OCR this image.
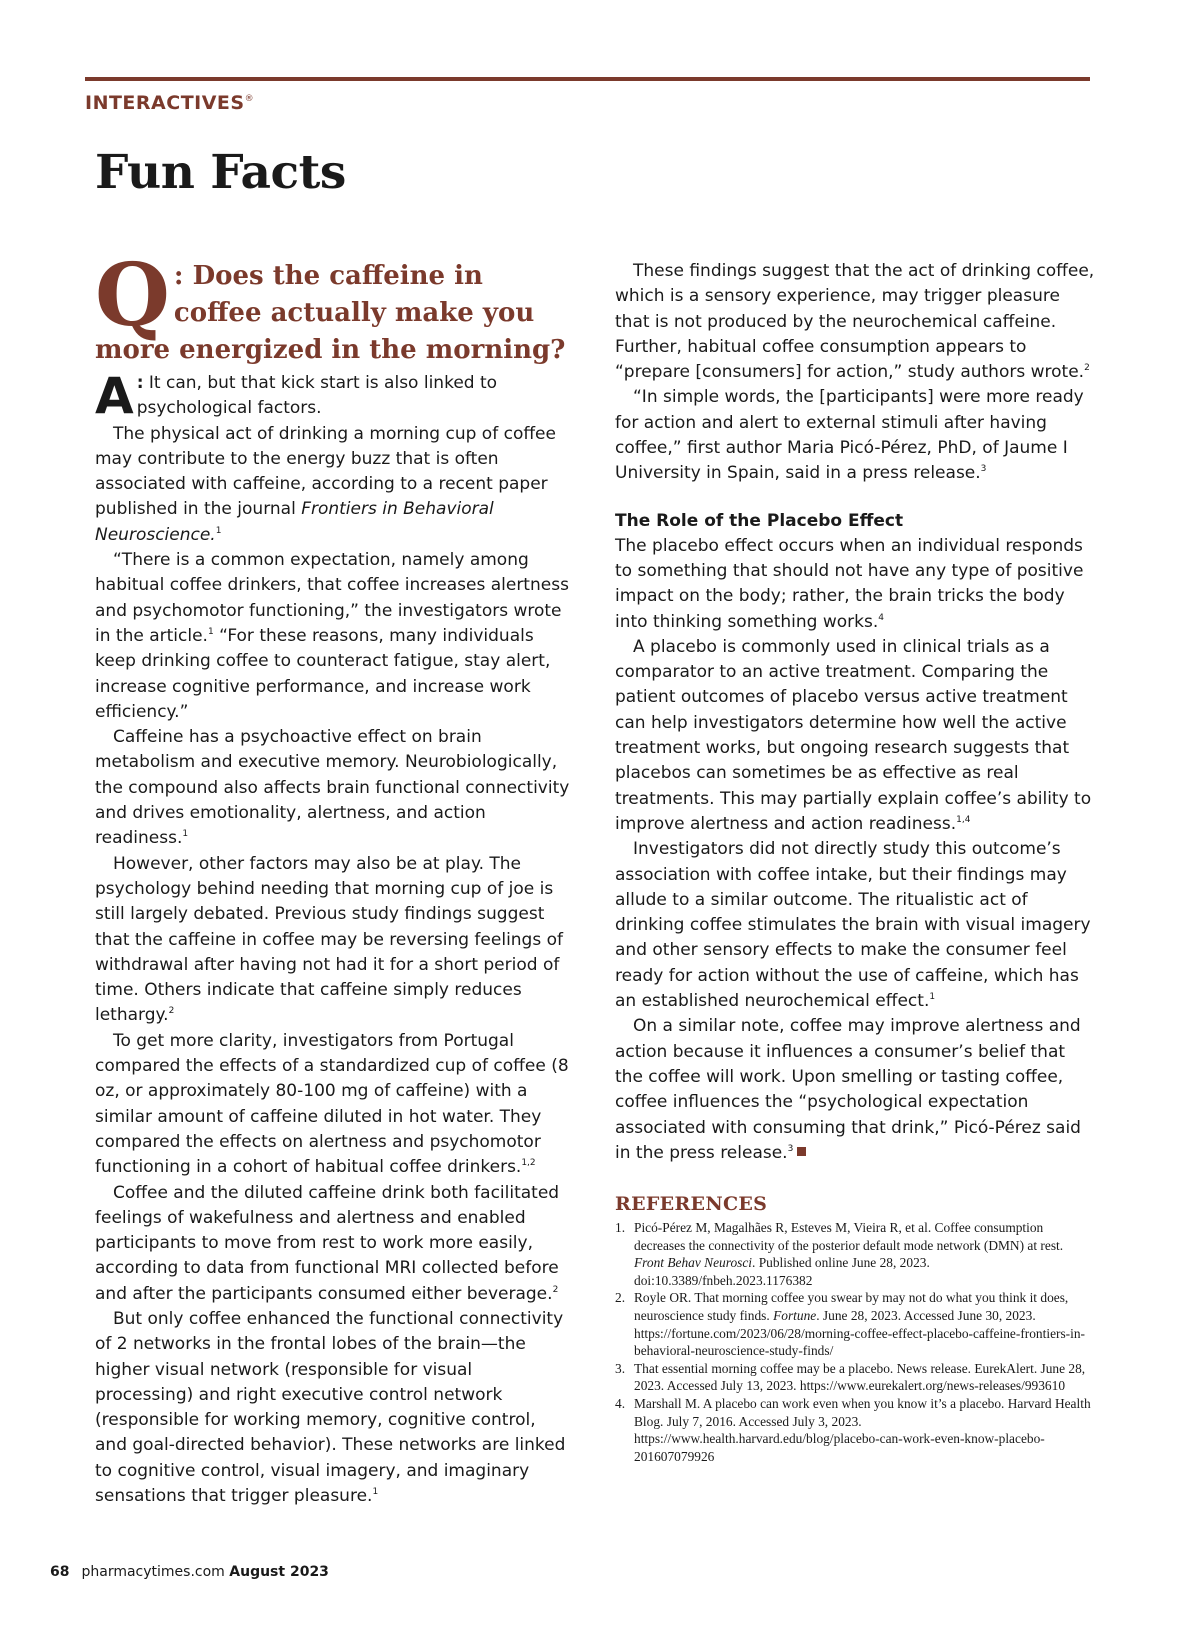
INTERACTIVES®
Fun Facts
Q : Does the caffeine in coffee actually make you more energized in the morning?

A : It can, but that kick start is also linked to psychological factors.

The physical act of drinking a morning cup of coffee may contribute to the energy buzz that is often associated with caffeine, according to a recent paper published in the journal Frontiers in Behavioral Neuroscience.$^1$

“There is a common expectation, namely among habitual coffee drinkers, that coffee increases alertness and psychomotor functioning,” the investigators wrote in the article.$^1$ “For these reasons, many individuals keep drinking coffee to counteract fatigue, stay alert, increase cognitive performance, and increase work efficiency.”

Caffeine has a psychoactive effect on brain metabolism and executive memory. Neurobiologically, the compound also affects brain functional connectivity and drives emotionality, alertness, and action readiness.$^1$

However, other factors may also be at play. The psychology behind needing that morning cup of joe is still largely debated. Previous study findings suggest that the caffeine in coffee may be reversing feelings of withdrawal after having not had it for a short period of time. Others indicate that caffeine simply reduces lethargy.$^2$

To get more clarity, investigators from Portugal compared the effects of a standardized cup of coffee (8 oz, or approximately 80-100 mg of caffeine) with a similar amount of caffeine diluted in hot water. They compared the effects on alertness and psychomotor functioning in a cohort of habitual coffee drinkers.$^{1,2}$

Coffee and the diluted caffeine drink both facilitated feelings of wakefulness and alertness and enabled participants to move from rest to work more easily, according to data from functional MRI collected before and after the participants consumed either beverage.$^2$

But only coffee enhanced the functional connectivity of 2 networks in the frontal lobes of the brain—the higher visual network (responsible for visual processing) and right executive control network (responsible for working memory, cognitive control, and goal-directed behavior). These networks are linked to cognitive control, visual imagery, and imaginary sensations that trigger pleasure.$^1$

These findings suggest that the act of drinking coffee, which is a sensory experience, may trigger pleasure that is not produced by the neurochemical caffeine. Further, habitual coffee consumption appears to “prepare [consumers] for action,” study authors wrote.$^2$

“In simple words, the [participants] were more ready for action and alert to external stimuli after having coffee,” first author Maria Picó-Pérez, PhD, of Jaume I University in Spain, said in a press release.$^3$

The Role of the Placebo Effect

The placebo effect occurs when an individual responds to something that should not have any type of positive impact on the body; rather, the brain tricks the body into thinking something works.$^4$

A placebo is commonly used in clinical trials as a comparator to an active treatment. Comparing the patient outcomes of placebo versus active treatment can help investigators determine how well the active treatment works, but ongoing research suggests that placebos can sometimes be as effective as real treatments. This may partially explain coffee’s ability to improve alertness and action readiness.$^{1,4}$

Investigators did not directly study this outcome’s association with coffee intake, but their findings may allude to a similar outcome. The ritualistic act of drinking coffee stimulates the brain with visual imagery and other sensory effects to make the consumer feel ready for action without the use of caffeine, which has an established neurochemical effect.$^1$

On a similar note, coffee may improve alertness and action because it influences a consumer’s belief that the coffee will work. Upon smelling or tasting coffee, coffee influences the “psychological expectation associated with consuming that drink,” Picó-Pérez said in the press release.$^3$

REFERENCES
1. Picó-Pérez M, Magalhães R, Esteves M, Vieira R, et al. Coffee consumption decreases the connectivity of the posterior default mode network (DMN) at rest. Front Behav Neurosci. Published online June 28, 2023. doi:10.3389/fnbeh.2023.1176382
2. Royle OR. That morning coffee you swear by may not do what you think it does, neuroscience study finds. Fortune. June 28, 2023. Accessed June 30, 2023. https://fortune.com/2023/06/28/morning-coffee-effect-placebo-caffeine-frontiers-in-behavioral-neuroscience-study-finds/
3. That essential morning coffee may be a placebo. News release. EurekAlert. June 28, 2023. Accessed July 13, 2023. https://www.eurekalert.org/news-releases/993610
4. Marshall M. A placebo can work even when you know it’s a placebo. Harvard Health Blog. July 7, 2016. Accessed July 3, 2023. https://www.health.harvard.edu/blog/placebo-can-work-even-know-placebo-201607079926
68 pharmacytimes.com August 2023
